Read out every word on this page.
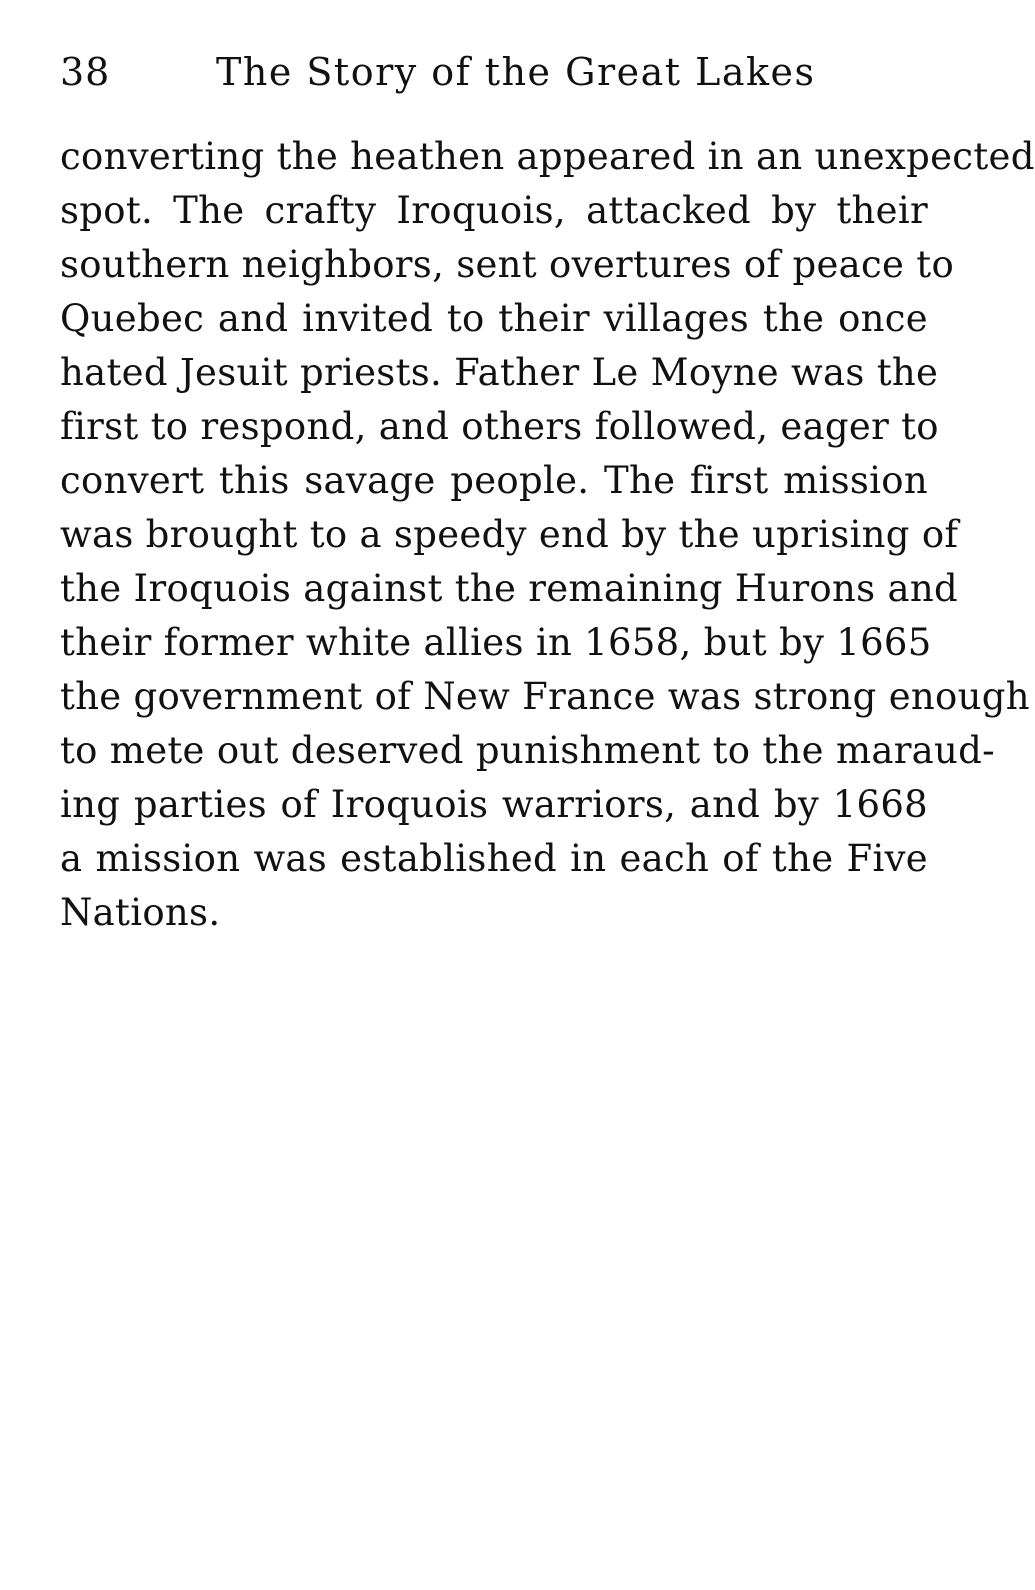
38	The Story of the Great Lakes
converting the heathen appeared in an unexpected
spot. The crafty Iroquois, attacked by their
southern neighbors, sent overtures of peace to
Quebec and invited to their villages the once
hated Jesuit priests. Father Le Moyne was the
first to respond, and others followed, eager to
convert this savage people. The first mission
was brought to a speedy end by the uprising of
the Iroquois against the remaining Hurons and
their former white allies in 1658, but by 1665
the government of New France was strong enough
to mete out deserved punishment to the maraud-
ing parties of Iroquois warriors, and by 1668
a mission was established in each of the Five
Nations.
